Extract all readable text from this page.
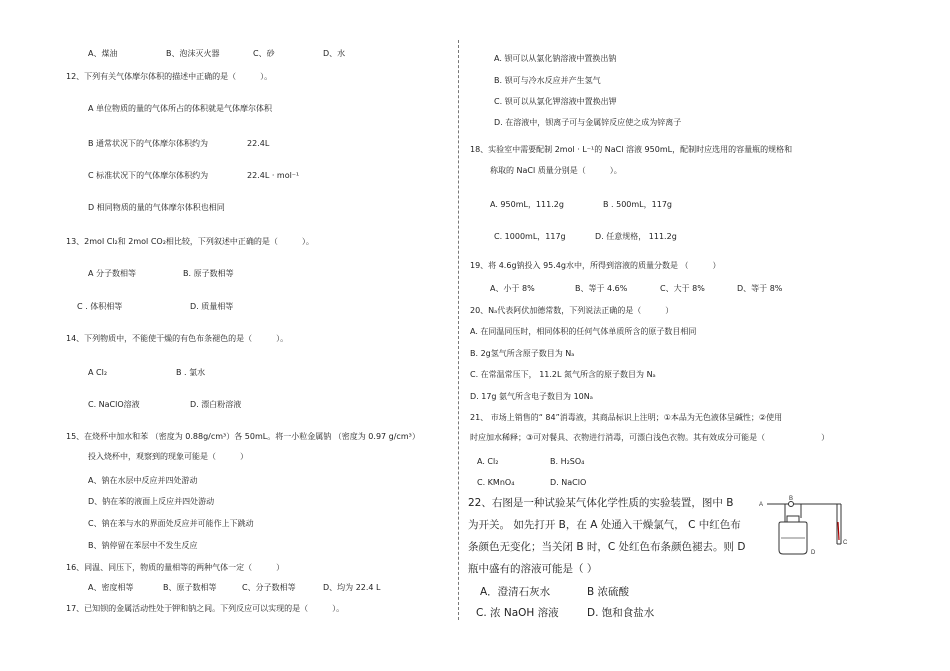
A、煤油	B、泡沫灭火器	C、砂	D、水
12、下列有关气体摩尔体积的描述中正确的是（　　　）。
A 单位物质的量的气体所占的体积就是气体摩尔体积
B 通常状况下的气体摩尔体积约为	22.4L
C 标准状况下的气体摩尔体积约为	22.4L · mol⁻¹
D 相同物质的量的气体摩尔体积也相同
13、2mol Cl₂和 2mol CO₂相比较，下列叙述中正确的是（　　　）。
A 分子数相等	B. 原子数相等
C . 体积相等	D. 质量相等
14、下列物质中，不能使干燥的有色布条褪色的是（　　　）。
A Cl₂	B . 氯水
C. NaClO溶液	D. 漂白粉溶液
15、在烧杯中加水和苯 （密度为 0.88g/cm³）各 50mL。将一小粒金属钠 （密度为 0.97 g/cm³）
投入烧杯中，观察到的现象可能是（　　　）
A、钠在水层中反应并四处游动
D、钠在苯的液面上反应并四处游动
C、钠在苯与水的界面处反应并可能作上下跳动
B、钠停留在苯层中不发生反应
16、同温、同压下，物质的量相等的两种气体一定（　　　）
A、密度相等	B、原子数相等	C、分子数相等	D、均为 22.4 L
17、已知钡的金属活动性处于钾和钠之间。下列反应可以实现的是（　　　）。
A. 钡可以从氯化钠溶液中置换出钠
B. 钡可与冷水反应并产生氢气
C. 钡可以从氯化钾溶液中置换出钾
D. 在溶液中，钡离子可与金属锌反应使之成为锌离子
18、实验室中需要配制 2mol · L⁻¹的 NaCl 溶液 950mL，配制时应选用的容量瓶的规格和
称取的 NaCl 质量分别是（　　　）。
A. 950mL，111.2g	B . 500mL，117g
C. 1000mL，117g	D. 任意规格， 111.2g
19、将 4.6g钠投入 95.4g水中，所得到溶液的质量分数是 （　　　）
A、小于 8%	B、等于 4.6%	C、大于 8%	D、等于 8%
20、Nₐ代表阿伏加德常数，下列说法正确的是（　　　）
A. 在同温同压时，相同体积的任何气体单质所含的原子数目相同
B. 2g氢气所含原子数目为 Nₐ
C. 在常温常压下， 11.2L 氮气所含的原子数目为 Nₐ
D. 17g 氨气所含电子数目为 10Nₐ
21、 市场上销售的“ 84”消毒液，其商品标识上注明；①本品为无色液体呈碱性；②使用
时应加水稀释；③可对餐具、衣物进行消毒，可漂白浅色衣物。其有效成分可能是（　　　　　　　）
A. Cl₂	B. H₂SO₄
C. KMnO₄	D. NaClO
22、右图是一种试验某气体化学性质的实验装置，图中 B
为开关。 如先打开 B，在 A 处通入干燥氯气， C 中红色布
条颜色无变化；当关闭 B 时，C 处红色布条颜色褪去。则 D
瓶中盛有的溶液可能是（ ）
A．澄清石灰水	B 浓硫酸
C. 浓 NaOH 溶液	D. 饱和食盐水
A
B
C
D
